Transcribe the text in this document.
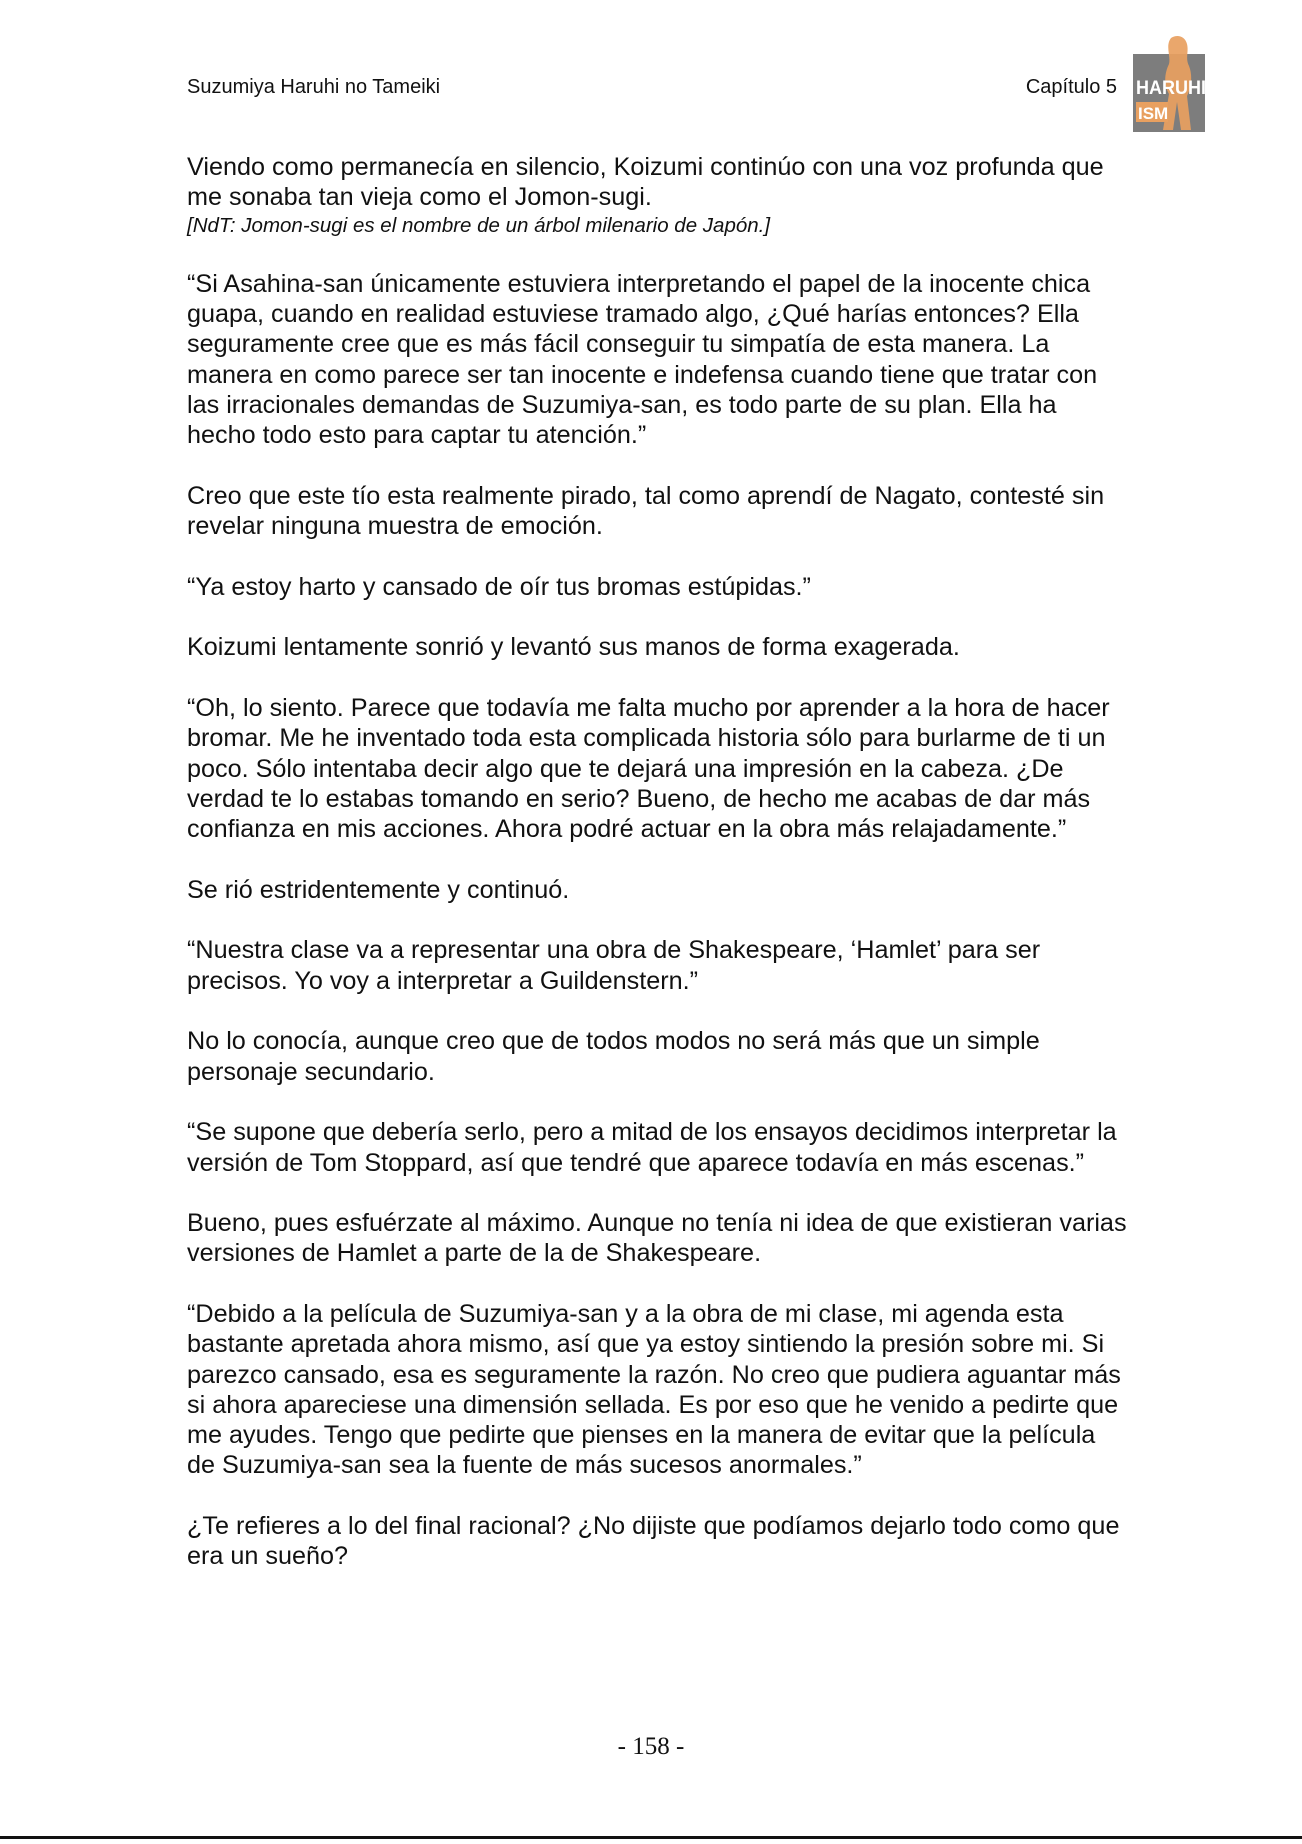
Suzumiya Haruhi no Tameiki	Capítulo 5 HARUHI
ISM

Viendo como permanecía en silencio, Koizumi continúo con una voz profunda que me sonaba tan vieja como el Jomon-sugi.
[NdT: Jomon-sugi es el nombre de un árbol milenario de Japón.]

“Si Asahina-san únicamente estuviera interpretando el papel de la inocente chica guapa, cuando en realidad estuviese tramado algo, ¿Qué harías entonces? Ella seguramente cree que es más fácil conseguir tu simpatía de esta manera. La manera en como parece ser tan inocente e indefensa cuando tiene que tratar con las irracionales demandas de Suzumiya-san, es todo parte de su plan. Ella ha hecho todo esto para captar tu atención.”

Creo que este tío esta realmente pirado, tal como aprendí de Nagato, contesté sin revelar ninguna muestra de emoción.

“Ya estoy harto y cansado de oír tus bromas estúpidas.”

Koizumi lentamente sonrió y levantó sus manos de forma exagerada.

“Oh, lo siento. Parece que todavía me falta mucho por aprender a la hora de hacer bromar. Me he inventado toda esta complicada historia sólo para burlarme de ti un poco. Sólo intentaba decir algo que te dejará una impresión en la cabeza. ¿De verdad te lo estabas tomando en serio? Bueno, de hecho me acabas de dar más confianza en mis acciones. Ahora podré actuar en la obra más relajadamente.”

Se rió estridentemente y continuó.

“Nuestra clase va a representar una obra de Shakespeare, ‘Hamlet’ para ser precisos. Yo voy a interpretar a Guildenstern.”

No lo conocía, aunque creo que de todos modos no será más que un simple personaje secundario.

“Se supone que debería serlo, pero a mitad de los ensayos decidimos interpretar la versión de Tom Stoppard, así que tendré que aparece todavía en más escenas.”

Bueno, pues esfuérzate al máximo. Aunque no tenía ni idea de que existieran varias versiones de Hamlet a parte de la de Shakespeare.

“Debido a la película de Suzumiya-san y a la obra de mi clase, mi agenda esta bastante apretada ahora mismo, así que ya estoy sintiendo la presión sobre mi. Si parezco cansado, esa es seguramente la razón. No creo que pudiera aguantar más si ahora apareciese una dimensión sellada. Es por eso que he venido a pedirte que me ayudes. Tengo que pedirte que pienses en la manera de evitar que la película de Suzumiya-san sea la fuente de más sucesos anormales.”

¿Te refieres a lo del final racional? ¿No dijiste que podíamos dejarlo todo como que era un sueño?

- 158 -
